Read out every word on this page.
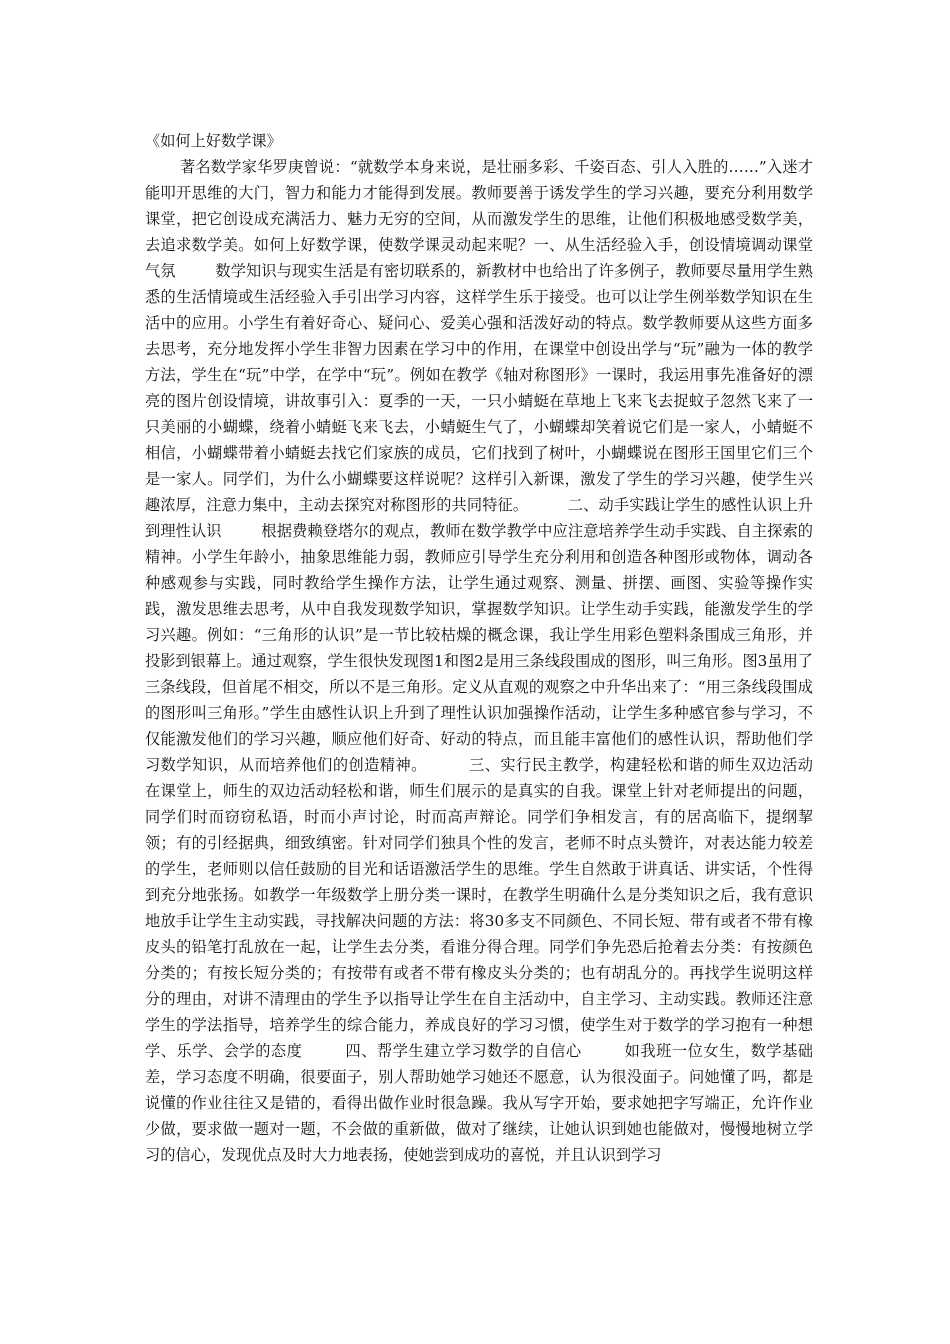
《如何上好数学课》

著名数学家华罗庚曾说：“就数学本身来说，是壮丽多彩、千姿百态、引人入胜的……”入迷才能叩开思维的大门，智力和能力才能得到发展。教师要善于诱发学生的学习兴趣，要充分利用数学课堂，把它创设成充满活力、魅力无穷的空间，从而激发学生的思维，让他们积极地感受数学美，去追求数学美。如何上好数学课，使数学课灵动起来呢？一、从生活经验入手，创设情境调动课堂气氛        数学知识与现实生活是有密切联系的，新教材中也给出了许多例子，教师要尽量用学生熟悉的生活情境或生活经验入手引出学习内容，这样学生乐于接受。也可以让学生例举数学知识在生活中的应用。小学生有着好奇心、疑问心、爱美心强和活泼好动的特点。数学教师要从这些方面多去思考，充分地发挥小学生非智力因素在学习中的作用，在课堂中创设出学与“玩”融为一体的教学方法，学生在“玩”中学，在学中“玩”。例如在教学《轴对称图形》一课时，我运用事先准备好的漂亮的图片创设情境，讲故事引入：夏季的一天，一只小蜻蜓在草地上飞来飞去捉蚊子忽然飞来了一只美丽的小蝴蝶，绕着小蜻蜓飞来飞去，小蜻蜓生气了，小蝴蝶却笑着说它们是一家人，小蜻蜓不相信，小蝴蝶带着小蜻蜓去找它们家族的成员，它们找到了树叶，小蝴蝶说在图形王国里它们三个是一家人。同学们，为什么小蝴蝶要这样说呢？这样引入新课，激发了学生的学习兴趣，使学生兴趣浓厚，注意力集中，主动去探究对称图形的共同特征。        二、动手实践让学生的感性认识上升到理性认识        根据费赖登塔尔的观点，教师在数学教学中应注意培养学生动手实践、自主探索的精神。小学生年龄小，抽象思维能力弱，教师应引导学生充分利用和创造各种图形或物体，调动各种感观参与实践，同时教给学生操作方法，让学生通过观察、测量、拼摆、画图、实验等操作实践，激发思维去思考，从中自我发现数学知识，掌握数学知识。让学生动手实践，能激发学生的学习兴趣。例如：“三角形的认识”是一节比较枯燥的概念课，我让学生用彩色塑料条围成三角形，并投影到银幕上。通过观察，学生很快发现图1和图2是用三条线段围成的图形，叫三角形。图3虽用了三条线段，但首尾不相交，所以不是三角形。定义从直观的观察之中升华出来了：“用三条线段围成的图形叫三角形。”学生由感性认识上升到了理性认识加强操作活动，让学生多种感官参与学习，不仅能激发他们的学习兴趣，顺应他们好奇、好动的特点，而且能丰富他们的感性认识，帮助他们学习数学知识，从而培养他们的创造精神。        三、实行民主教学，构建轻松和谐的师生双边活动        在课堂上，师生的双边活动轻松和谐，师生们展示的是真实的自我。课堂上针对老师提出的问题，同学们时而窃窃私语，时而小声讨论，时而高声辩论。同学们争相发言，有的居高临下，提纲挈领；有的引经据典，细致缜密。针对同学们独具个性的发言，老师不时点头赞许，对表达能力较差的学生，老师则以信任鼓励的目光和话语激活学生的思维。学生自然敢于讲真话、讲实话，个性得到充分地张扬。如教学一年级数学上册分类一课时，在教学生明确什么是分类知识之后，我有意识地放手让学生主动实践，寻找解决问题的方法：将30多支不同颜色、不同长短、带有或者不带有橡皮头的铅笔打乱放在一起，让学生去分类，看谁分得合理。同学们争先恐后抢着去分类：有按颜色分类的；有按长短分类的；有按带有或者不带有橡皮头分类的；也有胡乱分的。再找学生说明这样分的理由，对讲不清理由的学生予以指导让学生在自主活动中，自主学习、主动实践。教师还注意学生的学法指导，培养学生的综合能力，养成良好的学习习惯，使学生对于数学的学习抱有一种想学、乐学、会学的态度        四、帮学生建立学习数学的自信心        如我班一位女生，数学基础差，学习态度不明确，很要面子，别人帮助她学习她还不愿意，认为很没面子。问她懂了吗，都是说懂的作业往往又是错的，看得出做作业时很急躁。我从写字开始，要求她把字写端正，允许作业少做，要求做一题对一题，不会做的重新做，做对了继续，让她认识到她也能做对，慢慢地树立学习的信心，发现优点及时大力地表扬，使她尝到成功的喜悦，并且认识到学习
